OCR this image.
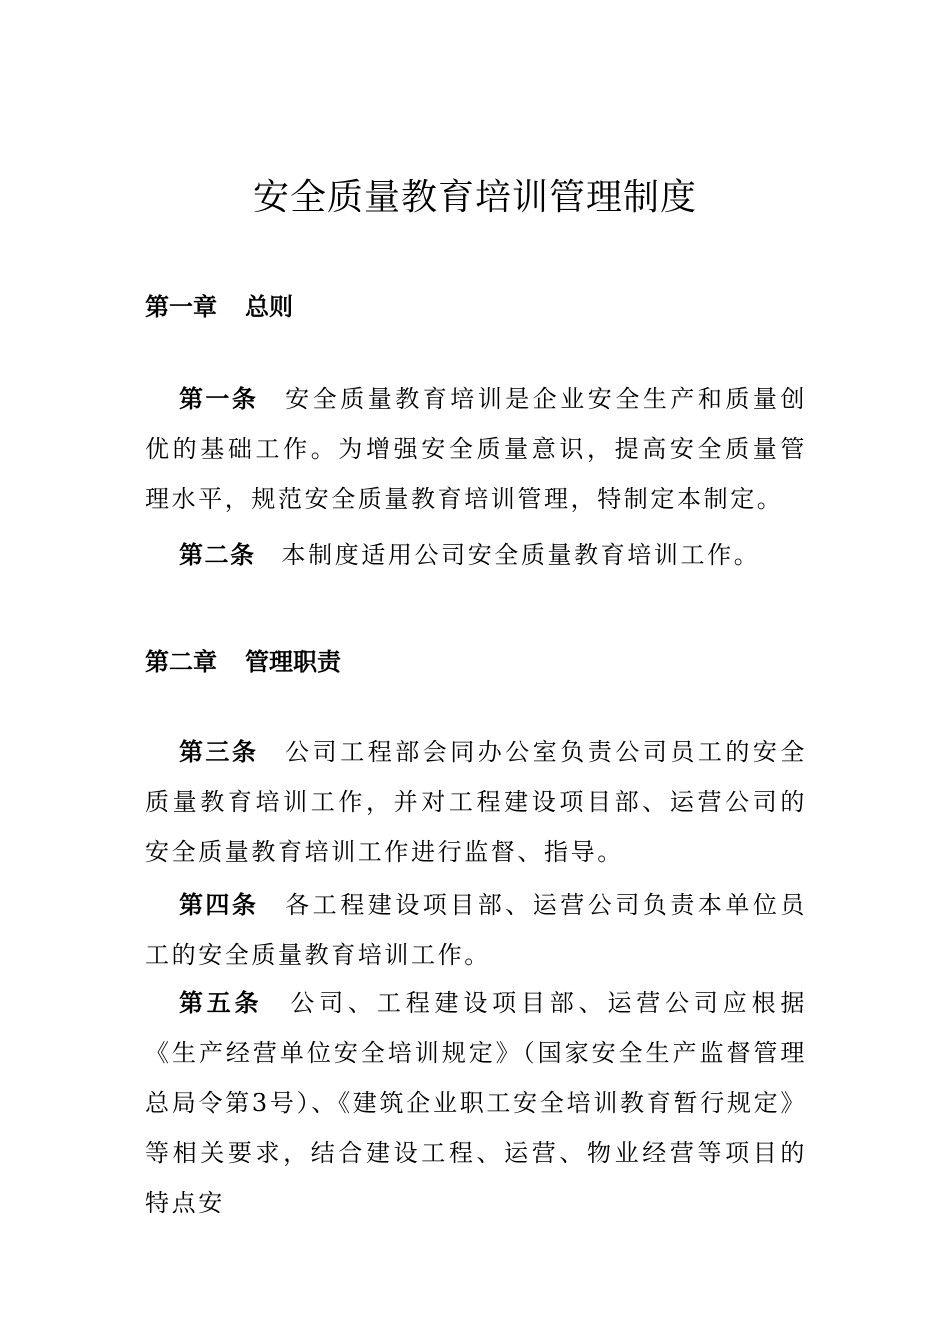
安全质量教育培训管理制度
第一章 总则

第一条 安全质量教育培训是企业安全生产和质量创优的基础工作。为增强安全质量意识，提高安全质量管理水平，规范安全质量教育培训管理，特制定本制定。

第二条 本制度适用公司安全质量教育培训工作。

第二章 管理职责

第三条 公司工程部会同办公室负责公司员工的安全质量教育培训工作，并对工程建设项目部、运营公司的安全质量教育培训工作进行监督、指导。

第四条 各工程建设项目部、运营公司负责本单位员工的安全质量教育培训工作。

第五条 公司、工程建设项目部、运营公司应根据《生产经营单位安全培训规定》（国家安全生产监督管理总局令第3号）、《建筑企业职工安全培训教育暂行规定》等相关要求，结合建设工程、运营、物业经营等项目的特点安
